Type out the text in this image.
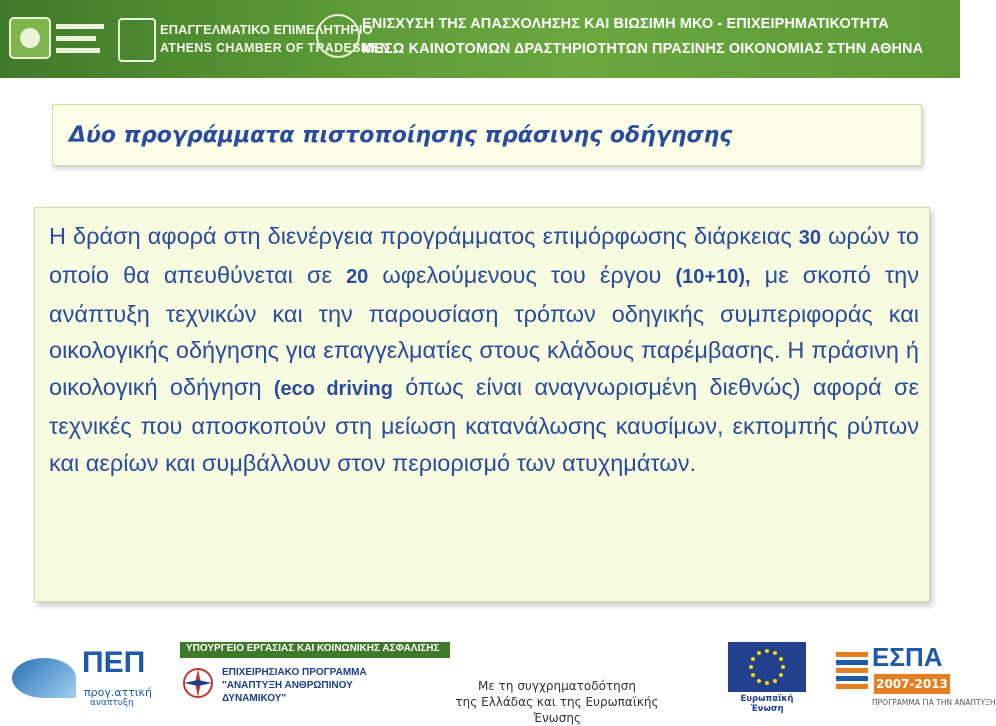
ΕΠΑΓΓΕΛΜΑΤΙΚΟ ΕΠΙΜΕΛΗΤΗΡΙΟ
ATHENS CHAMBER OF TRADESMEN
ΕΝΙΣΧΥΣΗ ΤΗΣ ΑΠΑΣΧΟΛΗΣΗΣ ΚΑΙ ΒΙΩΣΙΜΗ ΜΚΟ - ΕΠΙΧΕΙΡΗΜΑΤΙΚΟΤΗΤΑ
ΜΕΣΩ ΚΑΙΝΟΤΟΜΩΝ ΔΡΑΣΤΗΡΙΟΤΗΤΩΝ ΠΡΑΣΙΝΗΣ ΟΙΚΟΝΟΜΙΑΣ ΣΤΗΝ ΑΘΗΝΑ
Δύο προγράμματα πιστοποίησης πράσινης οδήγησης

Η δράση αφορά στη διενέργεια προγράμματος επιμόρφωσης διάρκειας 30 ωρών το οποίο θα απευθύνεται σε 20 ωφελούμενους του έργου (10+10), με σκοπό την ανάπτυξη τεχνικών και την παρουσίαση τρόπων οδηγικής συμπεριφοράς και οικολογικής οδήγησης για επαγγελματίες στους κλάδους παρέμβασης. Η πράσινη ή οικολογική οδήγηση (eco driving όπως είναι αναγνωρισμένη διεθνώς) αφορά σε τεχνικές που αποσκοπούν στη μείωση κατανάλωσης καυσίμων, εκπομπής ρύπων και αερίων και συμβάλλουν στον περιορισμό των ατυχημάτων.

ΠΕΠ
προγ.αττική
αναπτυξη
ΥΠΟΥΡΓΕΙΟ ΕΡΓΑΣΙΑΣ ΚΑΙ ΚΟΙΝΩΝΙΚΗΣ ΑΣΦΑΛΙΣΗΣ
ΕΠΙΧΕΙΡΗΣΙΑΚΟ ΠΡΟΓΡΑΜΜΑ
"ΑΝΑΠΤΥΞΗ ΑΝΘΡΩΠΙΝΟΥ ΔΥΝΑΜΙΚΟΥ"
Με τη συγχρηματοδότηση
της Ελλάδας και της Ευρωπαϊκής Ένωσης
Ευρωπαϊκή Ένωση
ΕΣΠΑ
2007-2013
ΠΡΟΓΡΑΜΜΑ ΓΙΑ ΤΗΝ ΑΝΑΠΤΥΞΗ
